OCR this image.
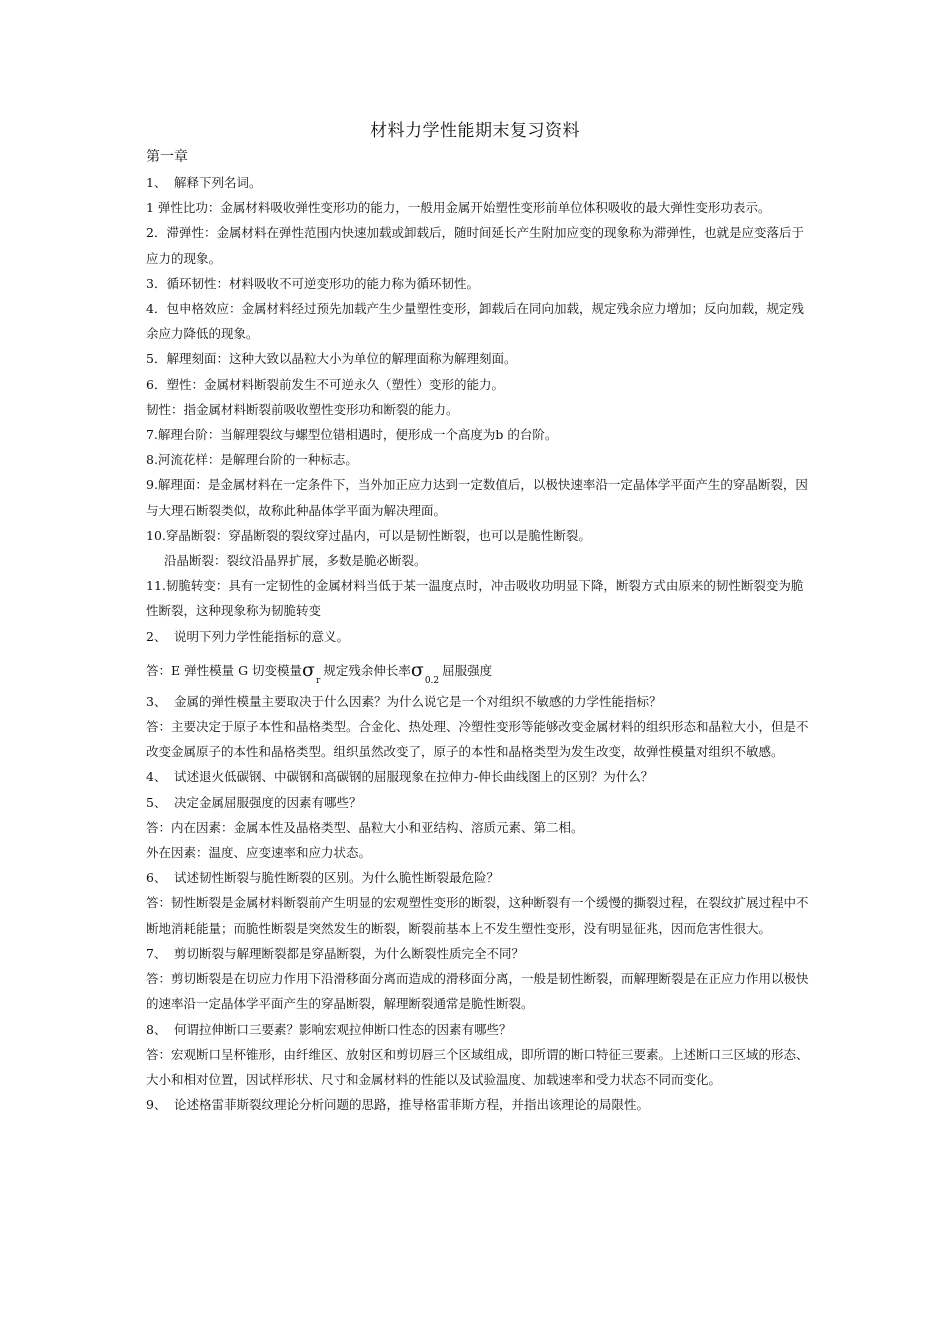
材料力学性能期末复习资料

第一章

1、 解释下列名词。

1 弹性比功：金属材料吸收弹性变形功的能力，一般用金属开始塑性变形前单位体积吸收的最大弹性变形功表示。

2．滞弹性：金属材料在弹性范围内快速加载或卸载后，随时间延长产生附加应变的现象称为滞弹性，也就是应变落后于应力的现象。

3．循环韧性：材料吸收不可逆变形功的能力称为循环韧性。

4．包申格效应：金属材料经过预先加载产生少量塑性变形，卸载后在同向加载，规定残余应力增加；反向加载，规定残余应力降低的现象。

5．解理刻面：这种大致以晶粒大小为单位的解理面称为解理刻面。

6．塑性：金属材料断裂前发生不可逆永久（塑性）变形的能力。

韧性：指金属材料断裂前吸收塑性变形功和断裂的能力。

7.解理台阶：当解理裂纹与螺型位错相遇时，便形成一个高度为b 的台阶。

8.河流花样：是解理台阶的一种标志。

9.解理面：是金属材料在一定条件下，当外加正应力达到一定数值后，以极快速率沿一定晶体学平面产生的穿晶断裂，因与大理石断裂类似，故称此种晶体学平面为解决理面。

10.穿晶断裂：穿晶断裂的裂纹穿过晶内，可以是韧性断裂，也可以是脆性断裂。

沿晶断裂：裂纹沿晶界扩展，多数是脆必断裂。

11.韧脆转变：具有一定韧性的金属材料当低于某一温度点时，冲击吸收功明显下降，断裂方式由原来的韧性断裂变为脆性断裂，这种现象称为韧脆转变

2、 说明下列力学性能指标的意义。

答：E 弹性模量 G 切变模量$\sigma_r$规定残余伸长率$\sigma_{0.2}$屈服强度

3、 金属的弹性模量主要取决于什么因素？为什么说它是一个对组织不敏感的力学性能指标？

答：主要决定于原子本性和晶格类型。合金化、热处理、冷塑性变形等能够改变金属材料的组织形态和晶粒大小，但是不改变金属原子的本性和晶格类型。组织虽然改变了，原子的本性和晶格类型为发生改变，故弹性模量对组织不敏感。

4、 试述退火低碳钢、中碳钢和高碳钢的屈服现象在拉伸力-伸长曲线图上的区别？为什么？

5、 决定金属屈服强度的因素有哪些？

答：内在因素：金属本性及晶格类型、晶粒大小和亚结构、溶质元素、第二相。

外在因素：温度、应变速率和应力状态。

6、 试述韧性断裂与脆性断裂的区别。为什么脆性断裂最危险？

答：韧性断裂是金属材料断裂前产生明显的宏观塑性变形的断裂，这种断裂有一个缓慢的撕裂过程，在裂纹扩展过程中不断地消耗能量；而脆性断裂是突然发生的断裂，断裂前基本上不发生塑性变形，没有明显征兆，因而危害性很大。

7、 剪切断裂与解理断裂都是穿晶断裂，为什么断裂性质完全不同？

答：剪切断裂是在切应力作用下沿滑移面分离而造成的滑移面分离，一般是韧性断裂，而解理断裂是在正应力作用以极快的速率沿一定晶体学平面产生的穿晶断裂，解理断裂通常是脆性断裂。

8、 何谓拉伸断口三要素？影响宏观拉伸断口性态的因素有哪些？

答：宏观断口呈杯锥形，由纤维区、放射区和剪切唇三个区域组成，即所谓的断口特征三要素。上述断口三区域的形态、大小和相对位置，因试样形状、尺寸和金属材料的性能以及试验温度、加载速率和受力状态不同而变化。

9、 论述格雷菲斯裂纹理论分析问题的思路，推导格雷菲斯方程，并指出该理论的局限性。
